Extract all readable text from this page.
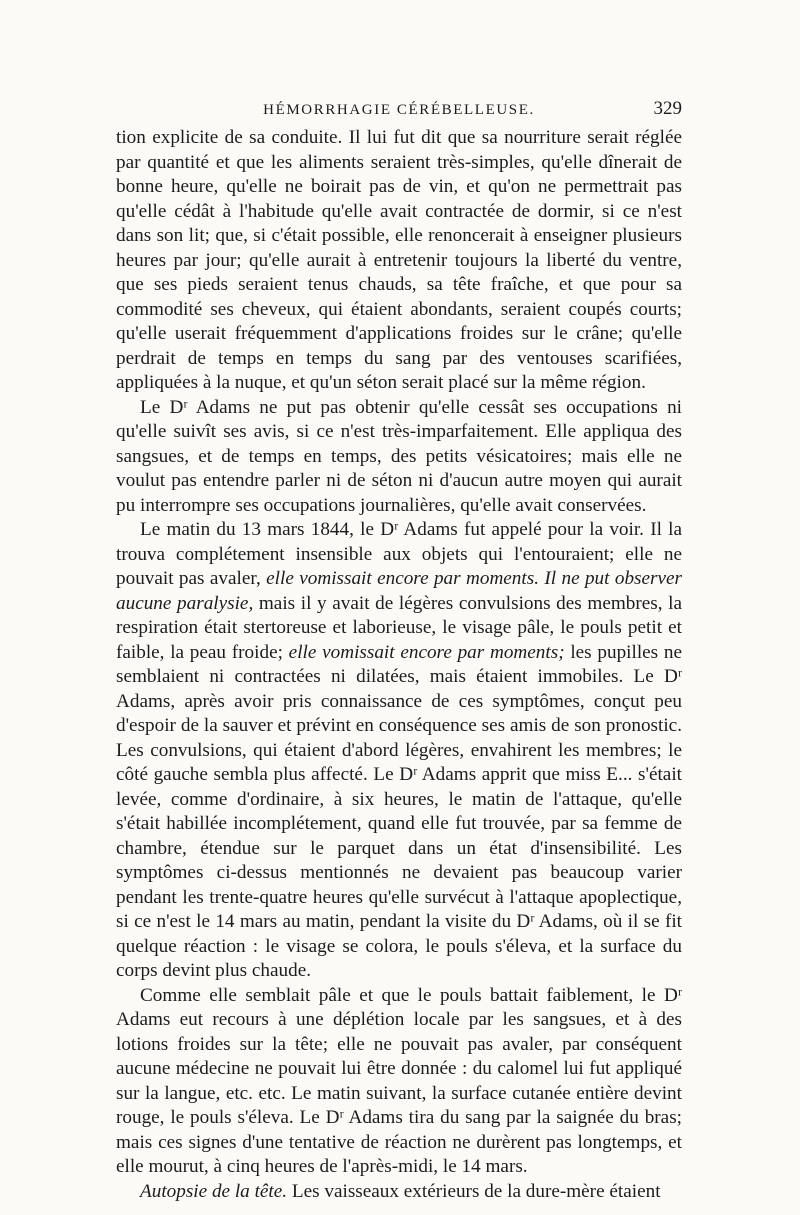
HÉMORRHAGIE CÉRÉBELLEUSE.	329

tion explicite de sa conduite. Il lui fut dit que sa nourriture serait réglée par quantité et que les aliments seraient très-simples, qu'elle dînerait de bonne heure, qu'elle ne boirait pas de vin, et qu'on ne permettrait pas qu'elle cédât à l'habitude qu'elle avait contractée de dormir, si ce n'est dans son lit; que, si c'était possible, elle renoncerait à enseigner plusieurs heures par jour; qu'elle aurait à entretenir toujours la liberté du ventre, que ses pieds seraient tenus chauds, sa tête fraîche, et que pour sa commodité ses cheveux, qui étaient abondants, seraient coupés courts; qu'elle userait fréquemment d'applications froides sur le crâne; qu'elle perdrait de temps en temps du sang par des ventouses scarifiées, appliquées à la nuque, et qu'un séton serait placé sur la même région.

Le Dʳ Adams ne put pas obtenir qu'elle cessât ses occupations ni qu'elle suivît ses avis, si ce n'est très-imparfaitement. Elle appliqua des sangsues, et de temps en temps, des petits vésicatoires; mais elle ne voulut pas entendre parler ni de séton ni d'aucun autre moyen qui aurait pu interrompre ses occupations journalières, qu'elle avait conservées.

Le matin du 13 mars 1844, le Dʳ Adams fut appelé pour la voir. Il la trouva complétement insensible aux objets qui l'entouraient; elle ne pouvait pas avaler, elle vomissait encore par moments. Il ne put observer aucune paralysie, mais il y avait de légères convulsions des membres, la respiration était stertoreuse et laborieuse, le visage pâle, le pouls petit et faible, la peau froide; elle vomissait encore par moments; les pupilles ne semblaient ni contractées ni dilatées, mais étaient immobiles. Le Dʳ Adams, après avoir pris connaissance de ces symptômes, conçut peu d'espoir de la sauver et prévint en conséquence ses amis de son pronostic. Les convulsions, qui étaient d'abord légères, envahirent les membres; le côté gauche sembla plus affecté. Le Dʳ Adams apprit que miss E... s'était levée, comme d'ordinaire, à six heures, le matin de l'attaque, qu'elle s'était habillée incomplétement, quand elle fut trouvée, par sa femme de chambre, étendue sur le parquet dans un état d'insensibilité. Les symptômes ci-dessus mentionnés ne devaient pas beaucoup varier pendant les trente-quatre heures qu'elle survécut à l'attaque apoplectique, si ce n'est le 14 mars au matin, pendant la visite du Dʳ Adams, où il se fit quelque réaction : le visage se colora, le pouls s'éleva, et la surface du corps devint plus chaude.

Comme elle semblait pâle et que le pouls battait faiblement, le Dʳ Adams eut recours à une déplétion locale par les sangsues, et à des lotions froides sur la tête; elle ne pouvait pas avaler, par conséquent aucune médecine ne pouvait lui être donnée : du calomel lui fut appliqué sur la langue, etc. etc. Le matin suivant, la surface cutanée entière devint rouge, le pouls s'éleva. Le Dʳ Adams tira du sang par la saignée du bras; mais ces signes d'une tentative de réaction ne durèrent pas longtemps, et elle mourut, à cinq heures de l'après-midi, le 14 mars.

Autopsie de la tête. Les vaisseaux extérieurs de la dure-mère étaient
